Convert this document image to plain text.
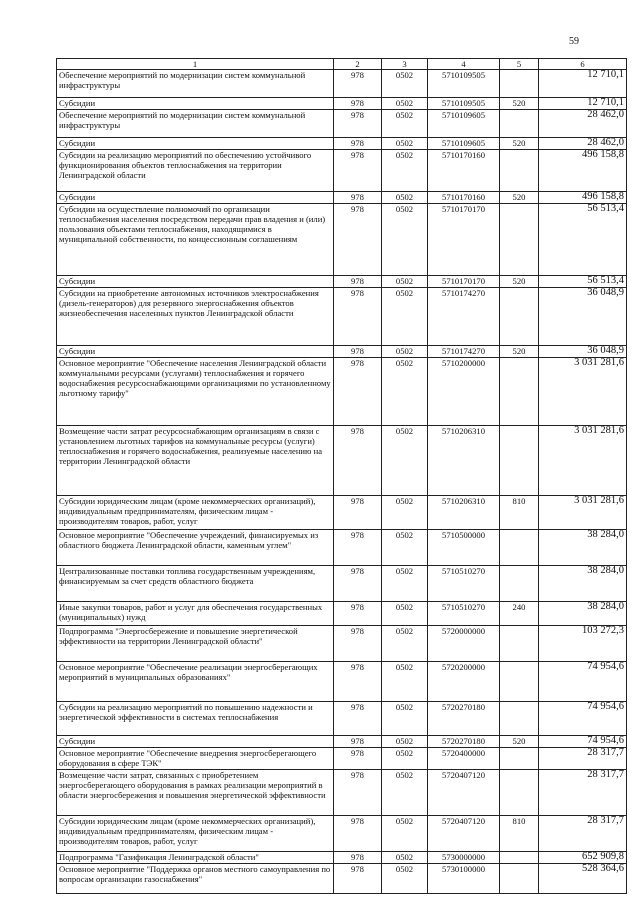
59
1	2	3	4	5	6
Обеспечение мероприятий по модернизации систем коммунальной инфраструктуры	978	0502	5710109505		12 710,1
Субсидии	978	0502	5710109505	520	12 710,1
Обеспечение мероприятий по модернизации систем коммунальной инфраструктуры	978	0502	5710109605		28 462,0
Субсидии	978	0502	5710109605	520	28 462,0
Субсидии на реализацию мероприятий по обеспечению устойчивого функционирования объектов теплоснабжения на территории Ленинградской области	978	0502	5710170160		496 158,8
Субсидии	978	0502	5710170160	520	496 158,8
Субсидии на осуществление полномочий по организации теплоснабжения населения посредством передачи прав владения и (или) пользования объектами теплоснабжения, находящимися в муниципальной собственности, по концессионным соглашениям	978	0502	5710170170		56 513,4
Субсидии	978	0502	5710170170	520	56 513,4
Субсидии на приобретение автономных источников электроснабжения (дизель-генераторов) для резервного энергоснабжения объектов жизнеобеспечения населенных пунктов Ленинградской области	978	0502	5710174270		36 048,9
Субсидии	978	0502	5710174270	520	36 048,9
Основное мероприятие "Обеспечение населения Ленинградской области коммунальными ресурсами (услугами) теплоснабжения и горячего водоснабжения ресурсоснабжающими организациями по установленному льготному тарифу"	978	0502	5710200000		3 031 281,6
Возмещение части затрат ресурсоснабжающим организациям в связи с установлением льготных тарифов на коммунальные ресурсы (услуги) теплоснабжения и горячего водоснабжения, реализуемые населению на территории Ленинградской области	978	0502	5710206310		3 031 281,6
Субсидии юридическим лицам (кроме некоммерческих организаций), индивидуальным предпринимателям, физическим лицам - производителям товаров, работ, услуг	978	0502	5710206310	810	3 031 281,6
Основное мероприятие "Обеспечение учреждений, финансируемых из областного бюджета Ленинградской области, каменным углем"	978	0502	5710500000		38 284,0
Централизованные поставки топлива государственным учреждениям, финансируемым за счет средств областного бюджета	978	0502	5710510270		38 284,0
Иные закупки товаров, работ и услуг для обеспечения государственных (муниципальных) нужд	978	0502	5710510270	240	38 284,0
Подпрограмма "Энергосбережение и повышение энергетической эффективности на территории Ленинградской области"	978	0502	5720000000		103 272,3
Основное мероприятие "Обеспечение реализации энергосберегающих мероприятий в муниципальных образованиях"	978	0502	5720200000		74 954,6
Субсидии на реализацию мероприятий по повышению надежности и энергетической эффективности в системах теплоснабжения	978	0502	5720270180		74 954,6
Субсидии	978	0502	5720270180	520	74 954,6
Основное мероприятие "Обеспечение внедрения энергосберегающего оборудования в сфере ТЭК"	978	0502	5720400000		28 317,7
Возмещение части затрат, связанных с приобретением энергосберегающего оборудования в рамках реализации мероприятий в области энергосбережения и повышения энергетической эффективности	978	0502	5720407120		28 317,7
Субсидии юридическим лицам (кроме некоммерческих организаций), индивидуальным предпринимателям, физическим лицам - производителям товаров, работ, услуг	978	0502	5720407120	810	28 317,7
Подпрограмма "Газификация Ленинградской области"	978	0502	5730000000		652 909,8
Основное мероприятие "Поддержка органов местного самоуправления по вопросам организации газоснабжения"	978	0502	5730100000		528 364,6
